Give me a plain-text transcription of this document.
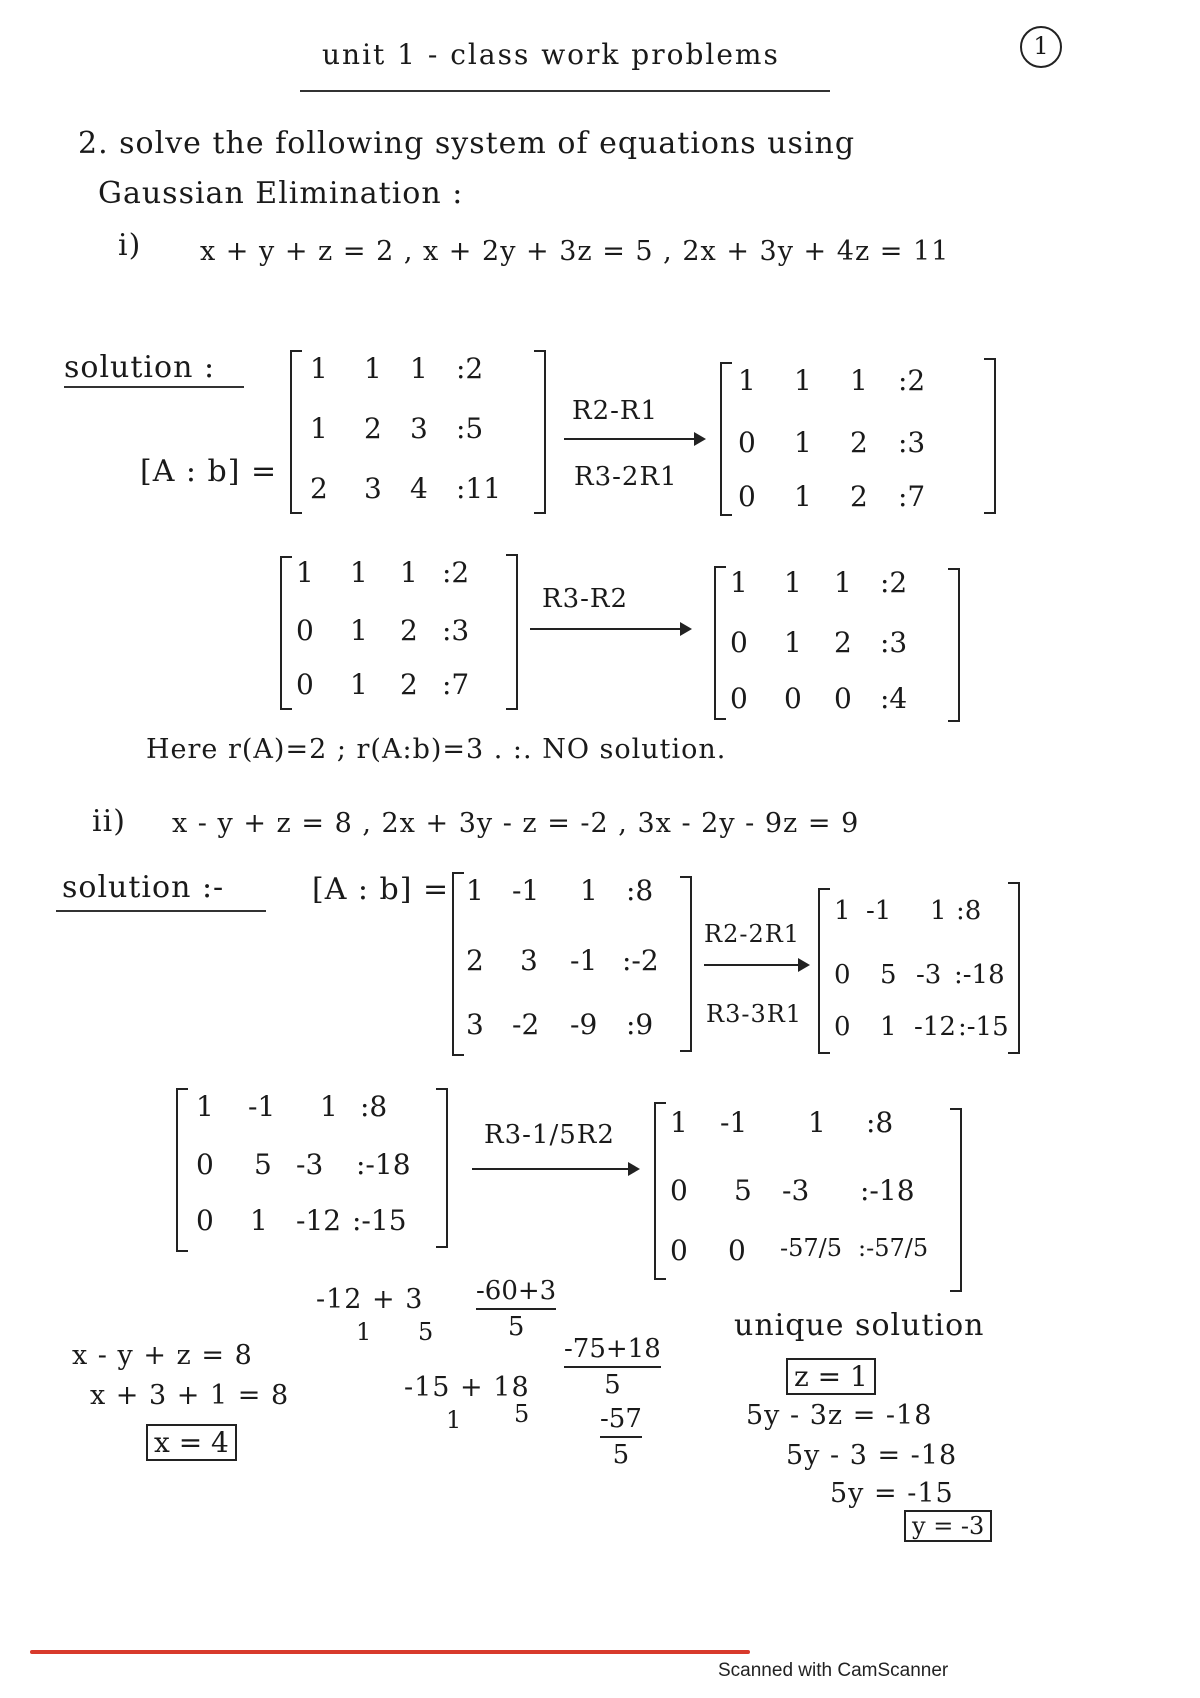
unit 1 - class work problems	1
2. solve the following system of equations using
Gaussian Elimination :
i) x + y + z = 2 , x + 2y + 3z = 5 , 2x + 3y + 4z = 11
solution :
[A : b] =
1 1 1 :2
1 2 3 :5
2 3 4 :11
R2-R1
R3-2R1
1 1 1 :2
0 1 2 :3
0 1 2 :7
1 1 1 :2
0 1 2 :3
0 1 2 :7
R3-R2	1 1 1 :2
0 1 2 :3
0 0 0 :4
Here r(A)=2 ; r(A:b)=3 . :. NO solution.
ii) x - y + z = 8 , 2x + 3y - z = -2 , 3x - 2y - 9z = 9
solution :-	[A : b] = 1 -1 1 :8
2 3 -1 :-2
3 -2 -9 :9
R2-2R1
R3-3R1
1 -1 1 :8
0 5 -3 :-18
0 1 -12 :-15
1 -1 1 :8
0 5 -3 :-18
0 1 -12 :-15
R3-1/5R2 1 -1 1 :8
0 5 -3 :-18
0 0 -57/5 :-57/5
-12 + 3
1 5
-60+3
5
-15 + 18
1 5
-75+18
5
-57
5
x - y + z = 8
x + 3 + 1 = 8
x = 4
unique solution
z = 1
5y - 3z = -18
5y - 3 = -18
5y = -15
y = -3
Scanned with CamScanner
